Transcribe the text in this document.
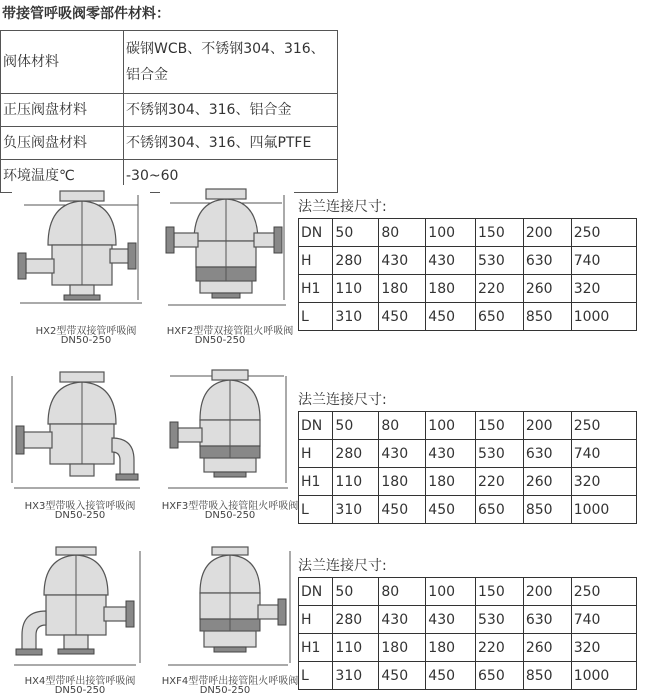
带接管呼吸阀零部件材料：
阀体材料	碳钢WCB、不锈钢304、316、铝合金
正压阀盘材料	不锈钢304、316、铝合金
负压阀盘材料	不锈钢304、316、四氟PTFE
环境温度℃	-30~60
HX2型带双接管呼吸阀
DN50-250
HXF2型带双接管阻火呼吸阀
DN50-250
法兰连接尺寸:
DN	50	80	100	150	200	250
H	280	430	430	530	630	740
H1	110	180	180	220	260	320
L	310	450	450	650	850	1000
HX3型带吸入接管呼吸阀
DN50-250
HXF3型带吸入接管阻火呼吸阀
DN50-250
法兰连接尺寸:
DN	50	80	100	150	200	250
H	280	430	430	530	630	740
H1	110	180	180	220	260	320
L	310	450	450	650	850	1000
HX4型带呼出接管呼吸阀
DN50-250
HXF4型带呼出接管阻火呼吸阀
DN50-250
法兰连接尺寸:
DN	50	80	100	150	200	250
H	280	430	430	530	630	740
H1	110	180	180	220	260	320
L	310	450	450	650	850	1000
